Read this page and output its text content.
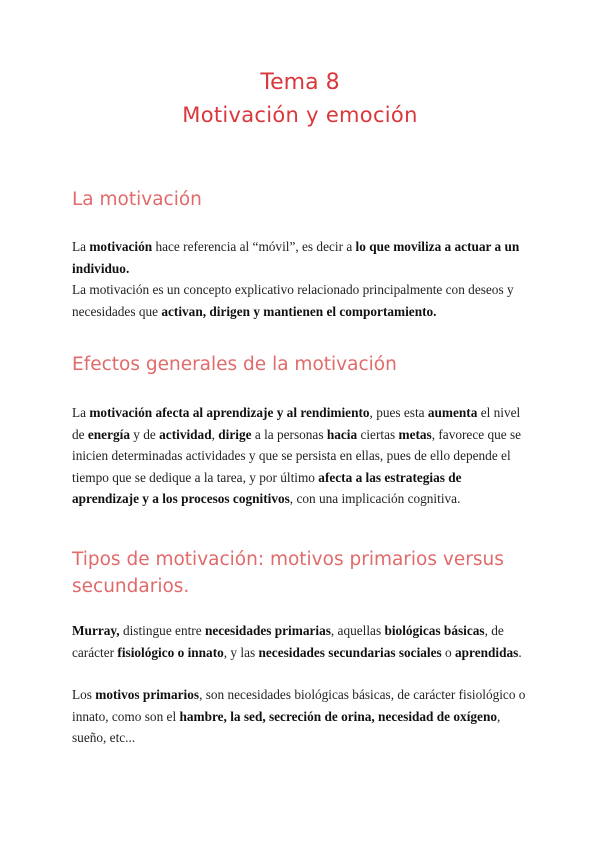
Tema 8
Motivación y emoción
La motivación

La motivación hace referencia al “móvil”, es decir a lo que moviliza a actuar a un individuo.

La motivación es un concepto explicativo relacionado principalmente con deseos y necesidades que activan, dirigen y mantienen el comportamiento.

Efectos generales de la motivación

La motivación afecta al aprendizaje y al rendimiento, pues esta aumenta el nivel de energía y de actividad, dirige a la personas hacia ciertas metas, favorece que se inicien determinadas actividades y que se persista en ellas, pues de ello depende el tiempo que se dedique a la tarea, y por último afecta a las estrategias de aprendizaje y a los procesos cognitivos, con una implicación cognitiva.

Tipos de motivación: motivos primarios versus secundarios.

Murray, distingue entre necesidades primarias, aquellas biológicas básicas, de carácter fisiológico o innato, y las necesidades secundarias sociales o aprendidas.

Los motivos primarios, son necesidades biológicas básicas, de carácter fisiológico o innato, como son el hambre, la sed, secreción de orina, necesidad de oxígeno, sueño, etc...
